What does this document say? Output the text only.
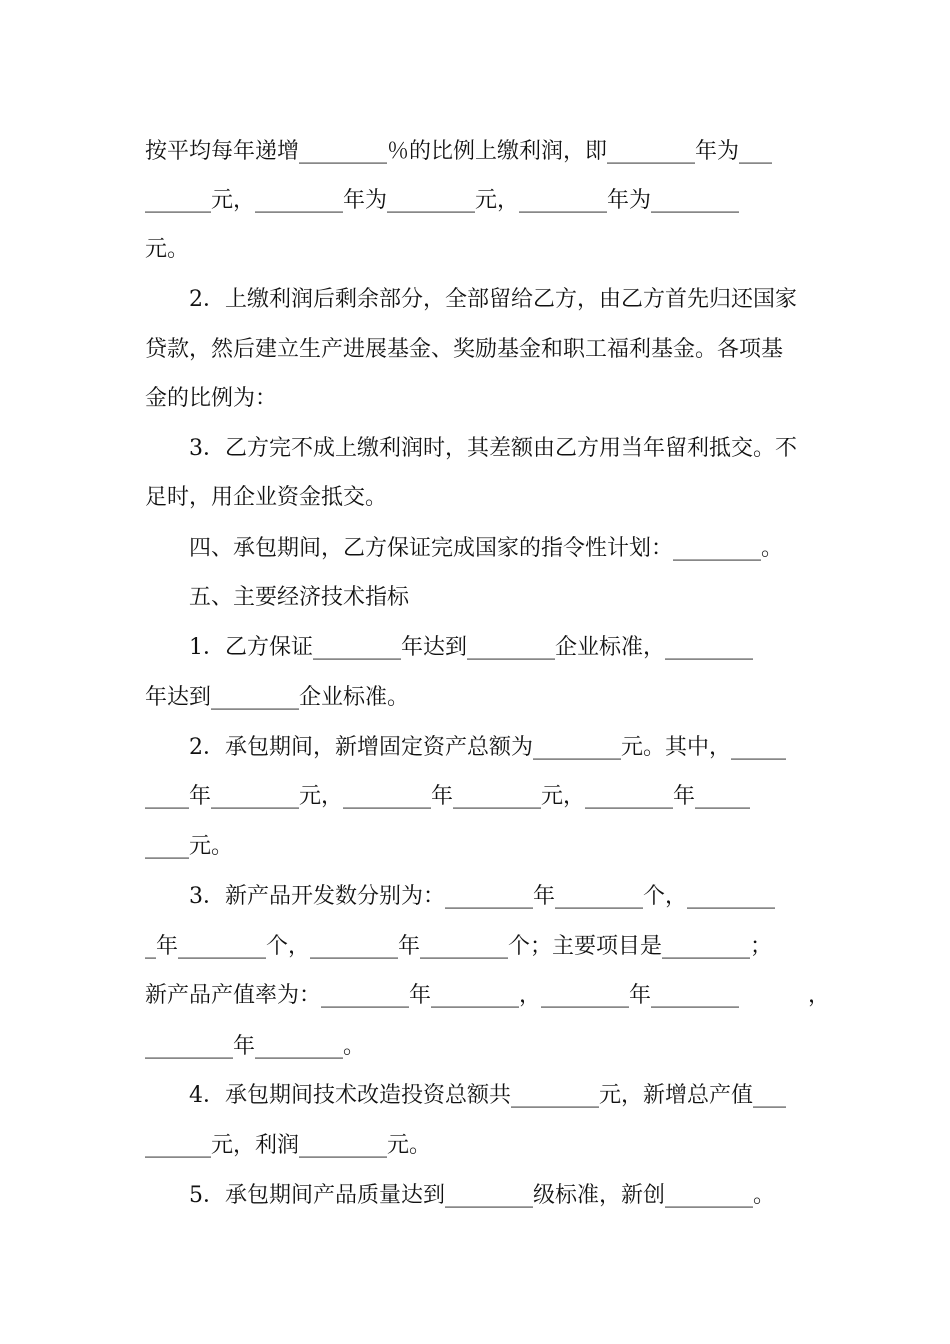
按平均每年递增________％的比例上缴利润，即________年为___
______元，________年为________元，________年为________
元。
2．上缴利润后剩余部分，全部留给乙方，由乙方首先归还国家
贷款，然后建立生产进展基金、奖励基金和职工福利基金。各项基
金的比例为：
3．乙方完不成上缴利润时，其差额由乙方用当年留利抵交。不
足时，用企业资金抵交。
四、承包期间，乙方保证完成国家的指令性计划：________。
五、主要经济技术指标
1．乙方保证________年达到________企业标准，________
年达到________企业标准。
2．承包期间，新增固定资产总额为________元。其中，_____
____年________元，________年________元，________年_____
____元。
3．新产品开发数分别为：________年________个，________
_年________个，________年________个；主要项目是________；

新产品产值率为：________年________，________年________

	，

________年________。
4．承包期间技术改造投资总额共________元，新增总产值___
______元，利润________元。
5．承包期间产品质量达到________级标准，新创________。
